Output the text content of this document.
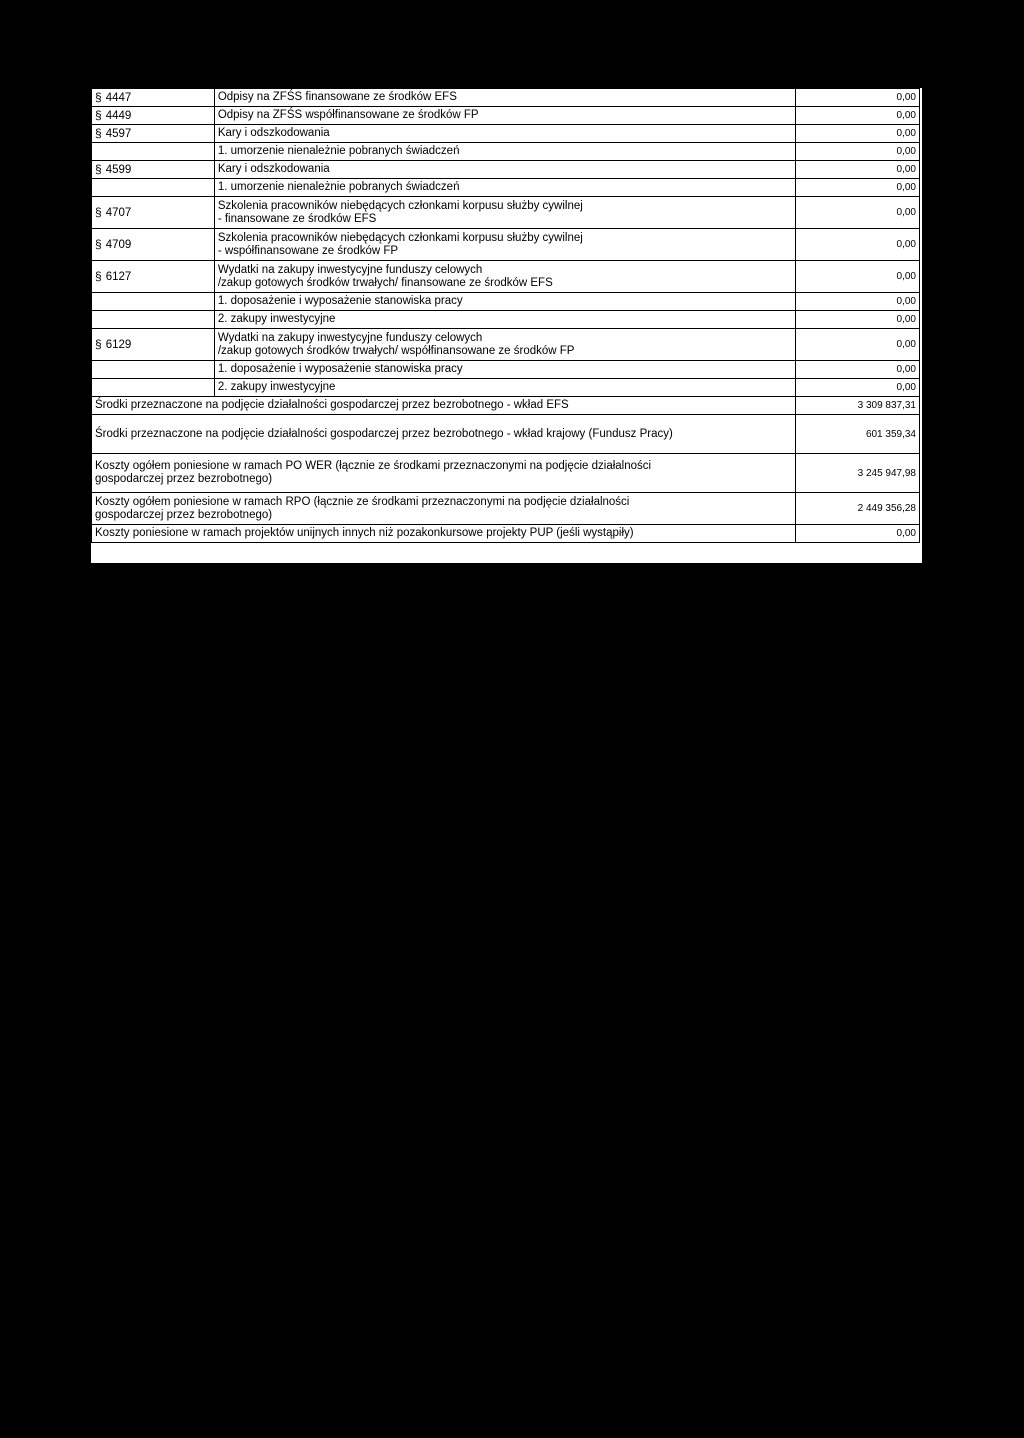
§ 4447	Odpisy na ZFŚS finansowane ze środków EFS	0,00
§ 4449	Odpisy na ZFŚS współfinansowane ze środków FP	0,00
§ 4597	Kary i odszkodowania	0,00
	1. umorzenie nienależnie pobranych świadczeń	0,00
§ 4599	Kary i odszkodowania	0,00
	1. umorzenie nienależnie pobranych świadczeń	0,00
§ 4707	Szkolenia pracowników niebędących członkami korpusu służby cywilnej
- finansowane ze środków EFS	0,00
§ 4709	Szkolenia pracowników niebędących członkami korpusu służby cywilnej
- współfinansowane ze środków FP	0,00
§ 6127	Wydatki na zakupy inwestycyjne funduszy celowych
/zakup gotowych środków trwałych/ finansowane ze środków EFS	0,00
	1. doposażenie i wyposażenie stanowiska pracy	0,00
	2. zakupy inwestycyjne	0,00
§ 6129	Wydatki na zakupy inwestycyjne funduszy celowych
/zakup gotowych środków trwałych/ współfinansowane ze środków FP	0,00
	1. doposażenie i wyposażenie stanowiska pracy	0,00
	2. zakupy inwestycyjne	0,00
Środki przeznaczone na podjęcie działalności gospodarczej przez bezrobotnego - wkład EFS		3 309 837,31
Środki przeznaczone na podjęcie działalności gospodarczej przez bezrobotnego - wkład krajowy (Fundusz Pracy)		601 359,34

Koszty ogółem poniesione w ramach PO WER (łącznie ze środkami przeznaczonymi na podjęcie działalności
gospodarczej przez bezrobotnego)		3 245 947,98

Koszty ogółem poniesione w ramach RPO (łącznie ze środkami przeznaczonymi na podjęcie działalności
gospodarczej przez bezrobotnego)		2 449 356,28
Koszty poniesione w ramach projektów unijnych innych niż pozakonkursowe projekty PUP (jeśli wystąpiły)		0,00
